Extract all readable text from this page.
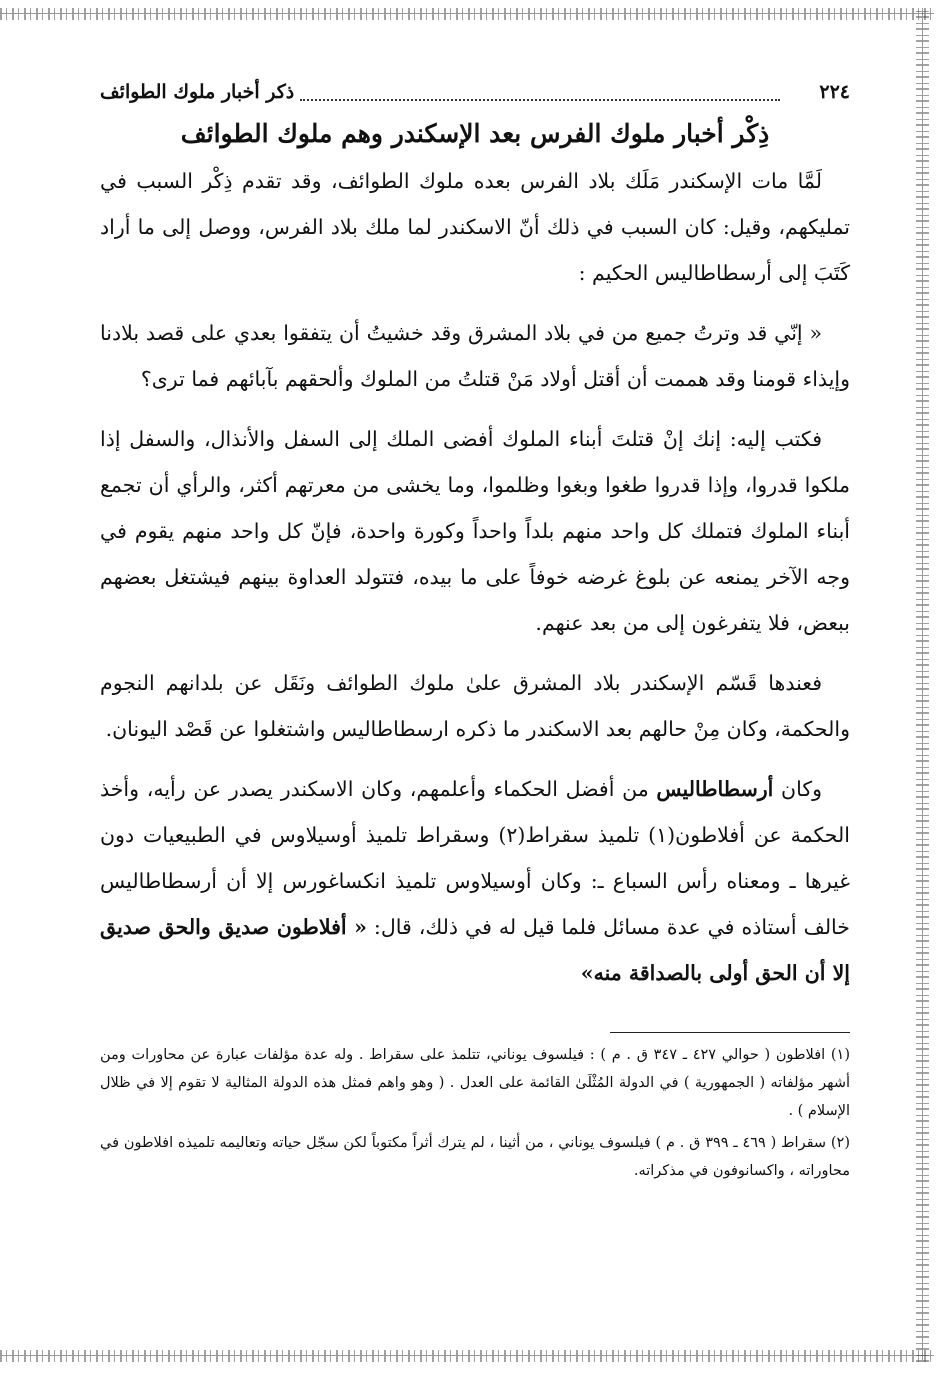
٢٢٤
ذكر أخبار ملوك الطوائف
ذِكْر أخبار ملوك الفرس بعد الإسكندر وهم ملوك الطوائف

لَمَّا مات الإسكندر مَلَك بلاد الفرس بعده ملوك الطوائف، وقد تقدم ذِكْر السبب في تمليكهم، وقيل: كان السبب في ذلك أنّ الاسكندر لما ملك بلاد الفرس، ووصل إلى ما أراد كَتَبَ إلى أرسطاطاليس الحكيم :

« إنّي قد وترتُ جميع من في بلاد المشرق وقد خشيتُ أن يتفقوا بعدي على قصد بلادنا وإيذاء قومنا وقد هممت أن أقتل أولاد مَنْ قتلتُ من الملوك وألحقهم بآبائهم فما ترى؟

فكتب إليه: إنك إنْ قتلتَ أبناء الملوك أفضى الملك إلى السفل والأنذال، والسفل إذا ملكوا قدروا، وإذا قدروا طغوا وبغوا وظلموا، وما يخشى من معرتهم أكثر، والرأي أن تجمع أبناء الملوك فتملك كل واحد منهم بلداً واحداً وكورة واحدة، فإنّ كل واحد منهم يقوم في وجه الآخر يمنعه عن بلوغ غرضه خوفاً على ما بيده، فتتولد العداوة بينهم فيشتغل بعضهم ببعض، فلا يتفرغون إلى من بعد عنهم.

فعندها قَسّم الإسكندر بلاد المشرق علىٰ ملوك الطوائف ونَقَل عن بلدانهم النجوم والحكمة، وكان مِنْ حالهم بعد الاسكندر ما ذكره ارسطاطاليس واشتغلوا عن قَصْد اليونان.

وكان أرسطاطاليس من أفضل الحكماء وأعلمهم، وكان الاسكندر يصدر عن رأيه، وأخذ الحكمة عن أفلاطون(١) تلميذ سقراط(٢) وسقراط تلميذ أوسيلاوس في الطبيعيات دون غيرها ـ ومعناه رأس السباع ـ: وكان أوسيلاوس تلميذ انكساغورس إلا أن أرسطاطاليس خالف أستاذه في عدة مسائل فلما قيل له في ذلك، قال: « أفلاطون صديق والحق صديق إلا أن الحق أولى بالصداقة منه»

(١) افلاطون ( حوالي ٤٢٧ ـ ٣٤٧ ق . م ) : فيلسوف يوناني، تتلمذ على سقراط . وله عدة مؤلفات عبارة عن محاورات ومن أشهر مؤلفاته ( الجمهورية ) في الدولة المُثْلَىٰ القائمة على العدل . ( وهو واهم فمثل هذه الدولة المثالية لا تقوم إلا في ظلال الإسلام ) .

(٢) سقراط ( ٤٦٩ ـ ٣٩٩ ق . م ) فيلسوف يوناني ، من أثينا ، لم يترك أثراً مكتوباً لكن سجّل حياته وتعاليمه تلميذه افلاطون في محاوراته ، واكسانوفون في مذكراته.
